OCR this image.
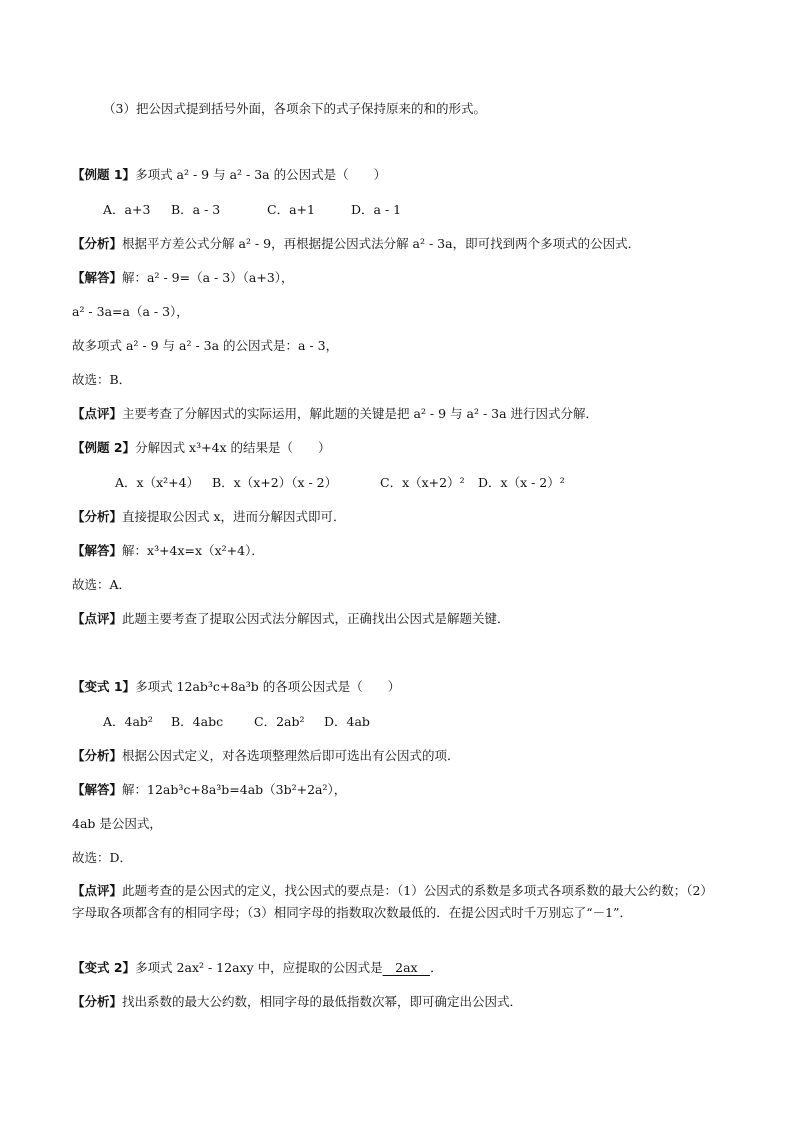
（3）把公因式提到括号外面，各项余下的式子保持原来的和的形式。
【例题 1】多项式 a² - 9 与 a² - 3a 的公因式是（　　）
A．a+3 B．a - 3	C．a+1	D．a - 1
【分析】根据平方差公式分解 a² - 9，再根据提公因式法分解 a² - 3a，即可找到两个多项式的公因式．
【解答】解：a² - 9=（a - 3）（a+3），
a² - 3a=a（a - 3），
故多项式 a² - 9 与 a² - 3a 的公因式是：a - 3，
故选：B．
【点评】主要考查了分解因式的实际运用，解此题的关键是把 a² - 9 与 a² - 3a 进行因式分解．
【例题 2】分解因式 x³+4x 的结果是（　　）
A．x（x²+4） B．x（x+2）（x - 2）	C．x（x+2）² D．x（x - 2）²
【分析】直接提取公因式 x，进而分解因式即可．
【解答】解：x³+4x=x（x²+4）．
故选：A．
【点评】此题主要考查了提取公因式法分解因式，正确找出公因式是解题关键．
【变式 1】多项式 12ab³c+8a³b 的各项公因式是（　　）
A．4ab² B．4abc C．2ab² D．4ab
【分析】根据公因式定义，对各选项整理然后即可选出有公因式的项．
【解答】解：12ab³c+8a³b=4ab（3b²+2a²），
4ab 是公因式，
故选：D．
【点评】此题考查的是公因式的定义，找公因式的要点是：（1）公因式的系数是多项式各项系数的最大公约数；（2）字母取各项都含有的相同字母；（3）相同字母的指数取次数最低的．在提公因式时千万别忘了“－1”．
【变式 2】多项式 2ax² - 12axy 中，应提取的公因式是　2ax　．
【分析】找出系数的最大公约数，相同字母的最低指数次幂，即可确定出公因式．
